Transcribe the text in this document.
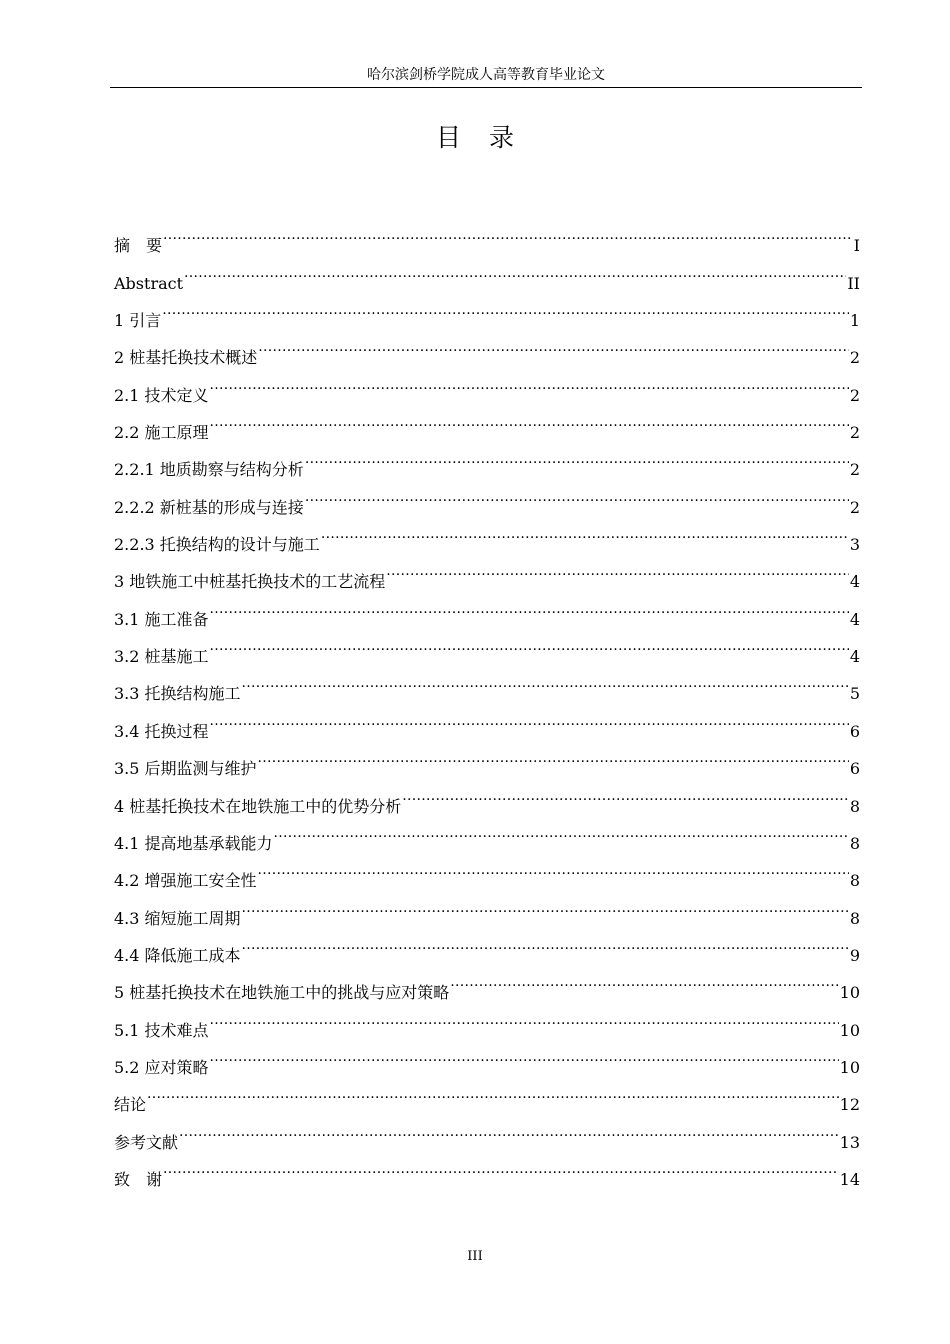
哈尔滨剑桥学院成人高等教育毕业论文
目 录
摘　要 .....	I
Abstract .....	II
1 引言 .....	1
2 桩基托换技术概述 .....	2
2.1 技术定义 .....	2
2.2 施工原理 .....	2
2.2.1 地质勘察与结构分析 .....	2
2.2.2 新桩基的形成与连接 .....	2
2.2.3 托换结构的设计与施工 .....	3
3 地铁施工中桩基托换技术的工艺流程 .....	4
3.1 施工准备 .....	4
3.2 桩基施工 .....	4
3.3 托换结构施工 .....	5
3.4 托换过程 .....	6
3.5 后期监测与维护 .....	6
4 桩基托换技术在地铁施工中的优势分析 .....	8
4.1 提高地基承载能力 .....	8
4.2 增强施工安全性 .....	8
4.3 缩短施工周期 .....	8
4.4 降低施工成本 .....	9
5 桩基托换技术在地铁施工中的挑战与应对策略 .....	10
5.1 技术难点 .....	10
5.2 应对策略 .....	10
结论 .....	12
参考文献 .....	13
致　谢 .....	14
III
